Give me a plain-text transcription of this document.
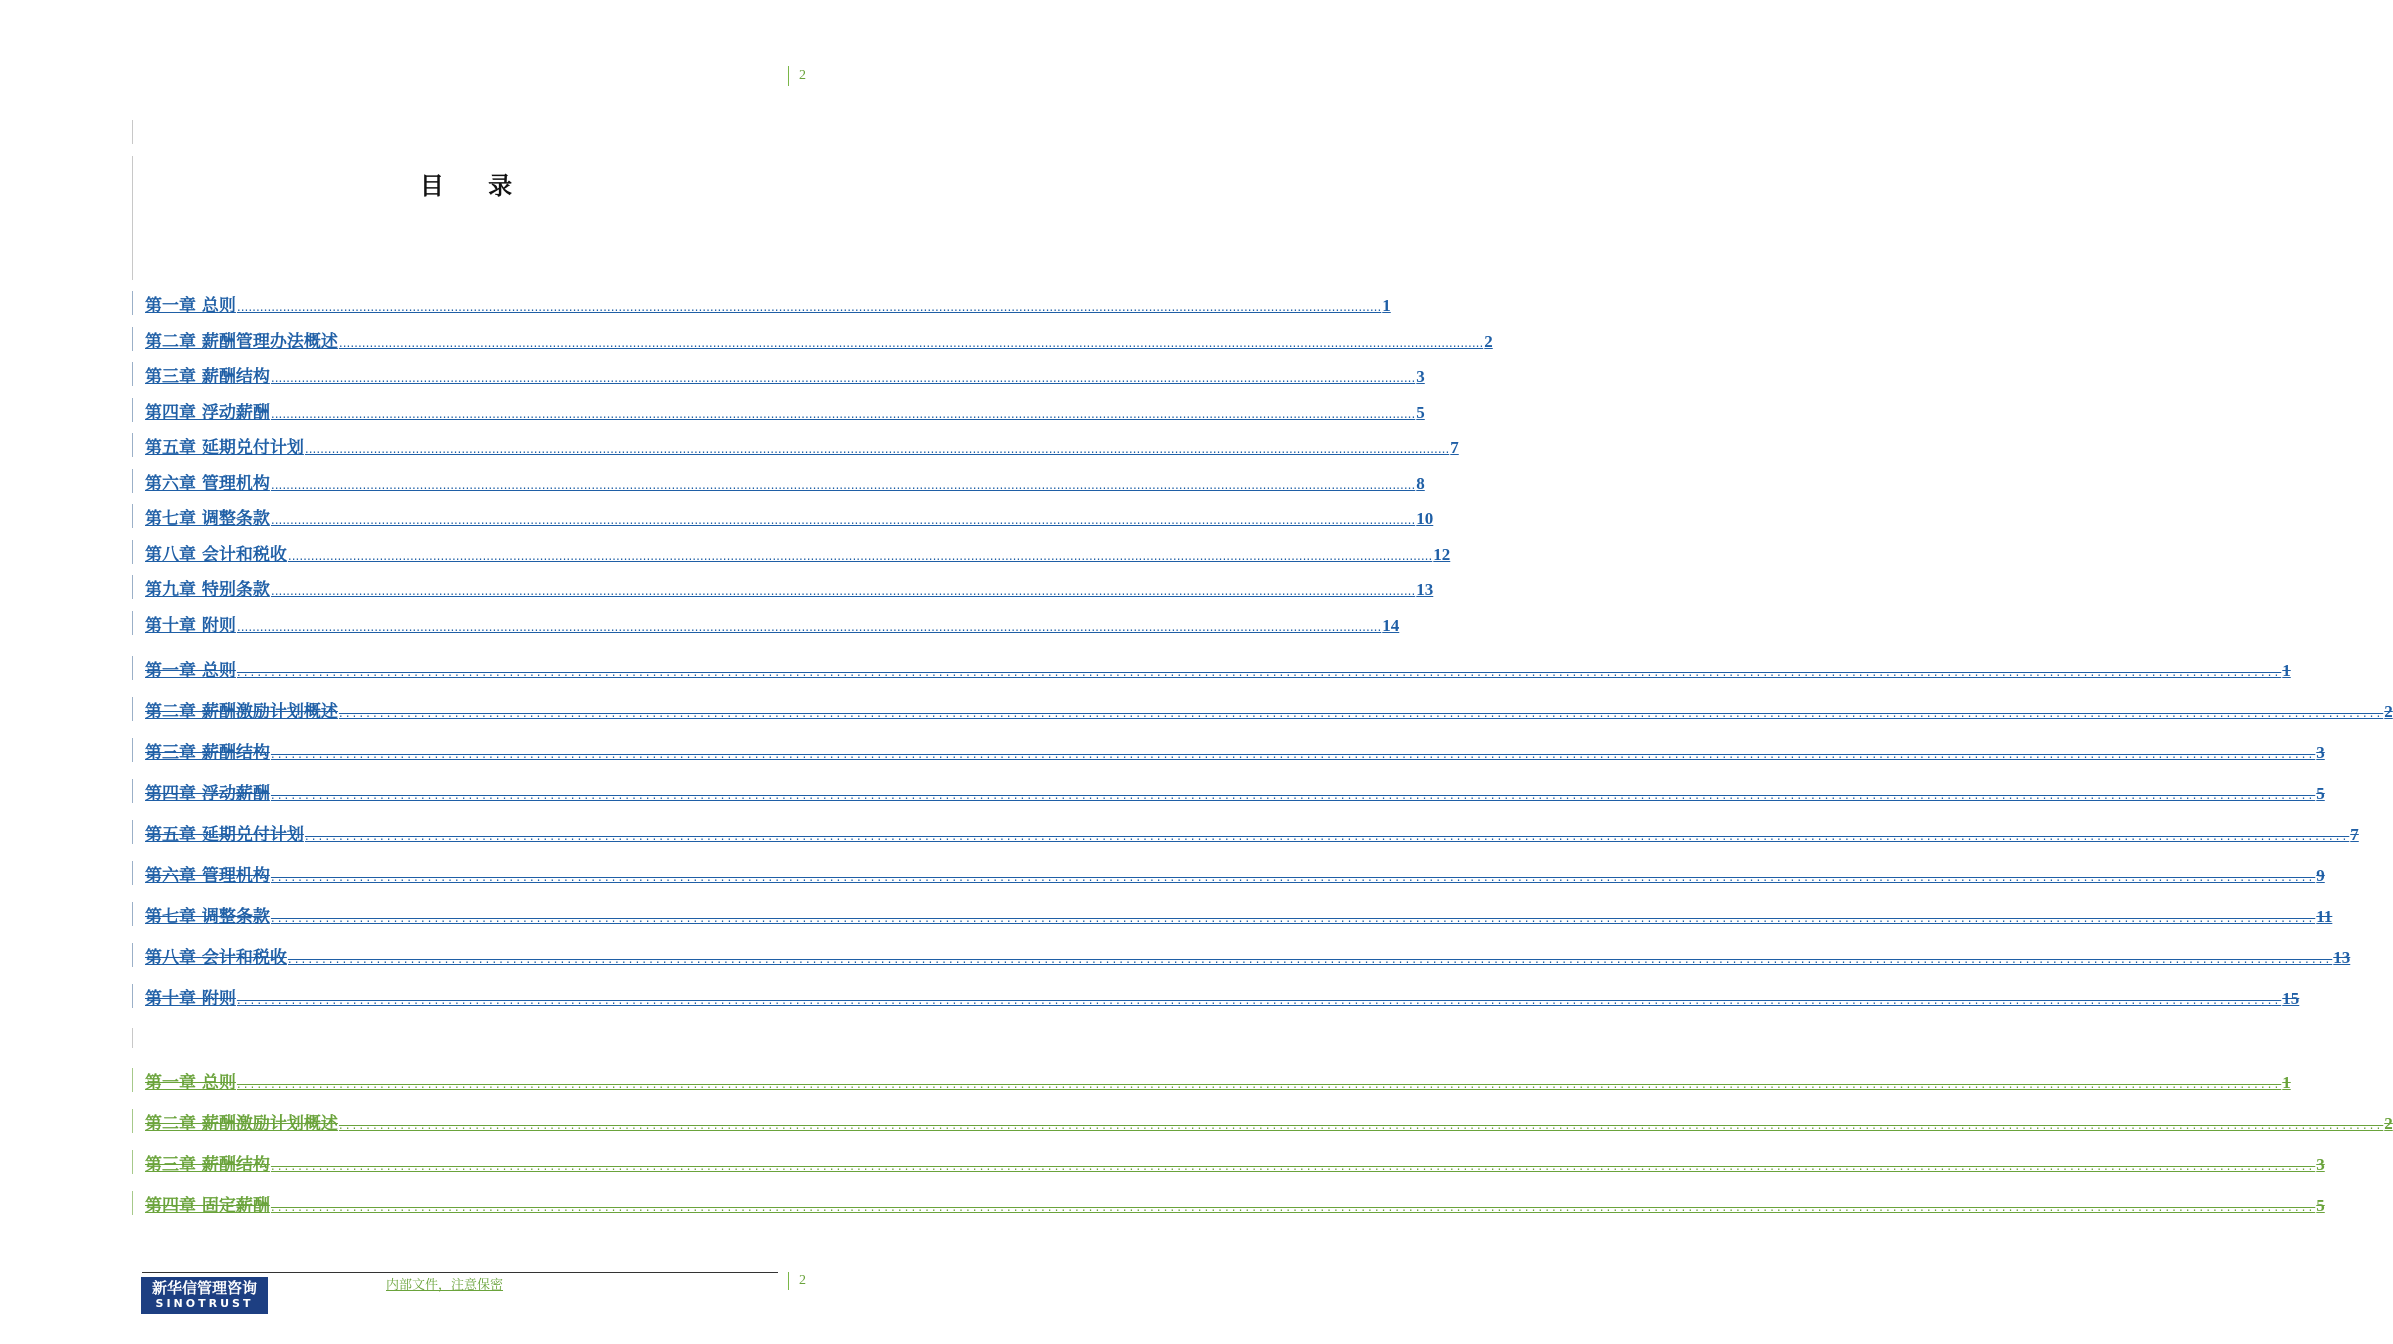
2
目 录
第一章 总则 ............................................................................................................................................................................................................................................................................................................ 1
第二章 薪酬管理办法概述 ............................................................................................................................................................................................................................................................................................................ 2
第三章 薪酬结构 ............................................................................................................................................................................................................................................................................................................ 3
第四章 浮动薪酬 ............................................................................................................................................................................................................................................................................................................ 5
第五章 延期兑付计划 ............................................................................................................................................................................................................................................................................................................ 7
第六章 管理机构 ............................................................................................................................................................................................................................................................................................................ 8
第七章 调整条款 ............................................................................................................................................................................................................................................................................................................ 10
第八章 会计和税收 ............................................................................................................................................................................................................................................................................................................ 12
第九章 特别条款 ............................................................................................................................................................................................................................................................................................................ 13
第十章 附则 ............................................................................................................................................................................................................................................................................................................ 14
第一章 总则 ............................................................................................................................................................................................................................................................................................................ 1
第二章 薪酬激励计划概述 ............................................................................................................................................................................................................................................................................................................ 2
第三章 薪酬结构 ............................................................................................................................................................................................................................................................................................................ 3
第四章 浮动薪酬 ............................................................................................................................................................................................................................................................................................................ 5
第五章 延期兑付计划 ............................................................................................................................................................................................................................................................................................................ 7
第六章 管理机构 ............................................................................................................................................................................................................................................................................................................ 9
第七章 调整条款 ............................................................................................................................................................................................................................................................................................................ 11
第八章 会计和税收 ............................................................................................................................................................................................................................................................................................................ 13
第十章 附则 ............................................................................................................................................................................................................................................................................................................ 15
第一章 总则 ............................................................................................................................................................................................................................................................................................................ 1
第二章 薪酬激励计划概述 ............................................................................................................................................................................................................................................................................................................ 2
第三章 薪酬结构 ............................................................................................................................................................................................................................................................................................................ 3
第四章 固定薪酬 ............................................................................................................................................................................................................................................................................................................ 5
新华信管理咨询
SINOTRUST
内部文件，注意保密	2
